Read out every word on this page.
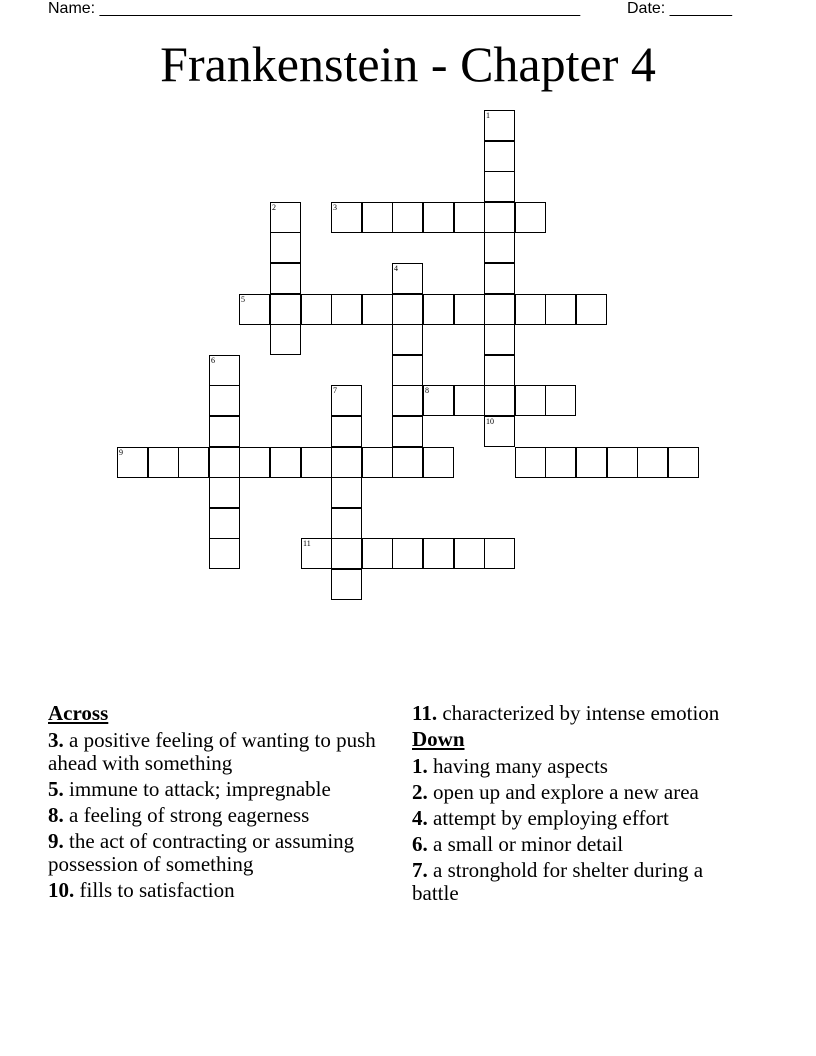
Name: ______________________________________________________	Date: _______
Frankenstein - Chapter 4
1
10
2	3
4
5
6
7	8
9
11
Across
3. a positive feeling of wanting to push ahead with something
5. immune to attack; impregnable
8. a feeling of strong eagerness
9. the act of contracting or assuming possession of something
10. fills to satisfaction
11. characterized by intense emotion
Down
1. having many aspects
2. open up and explore a new area
4. attempt by employing effort
6. a small or minor detail
7. a stronghold for shelter during a battle
